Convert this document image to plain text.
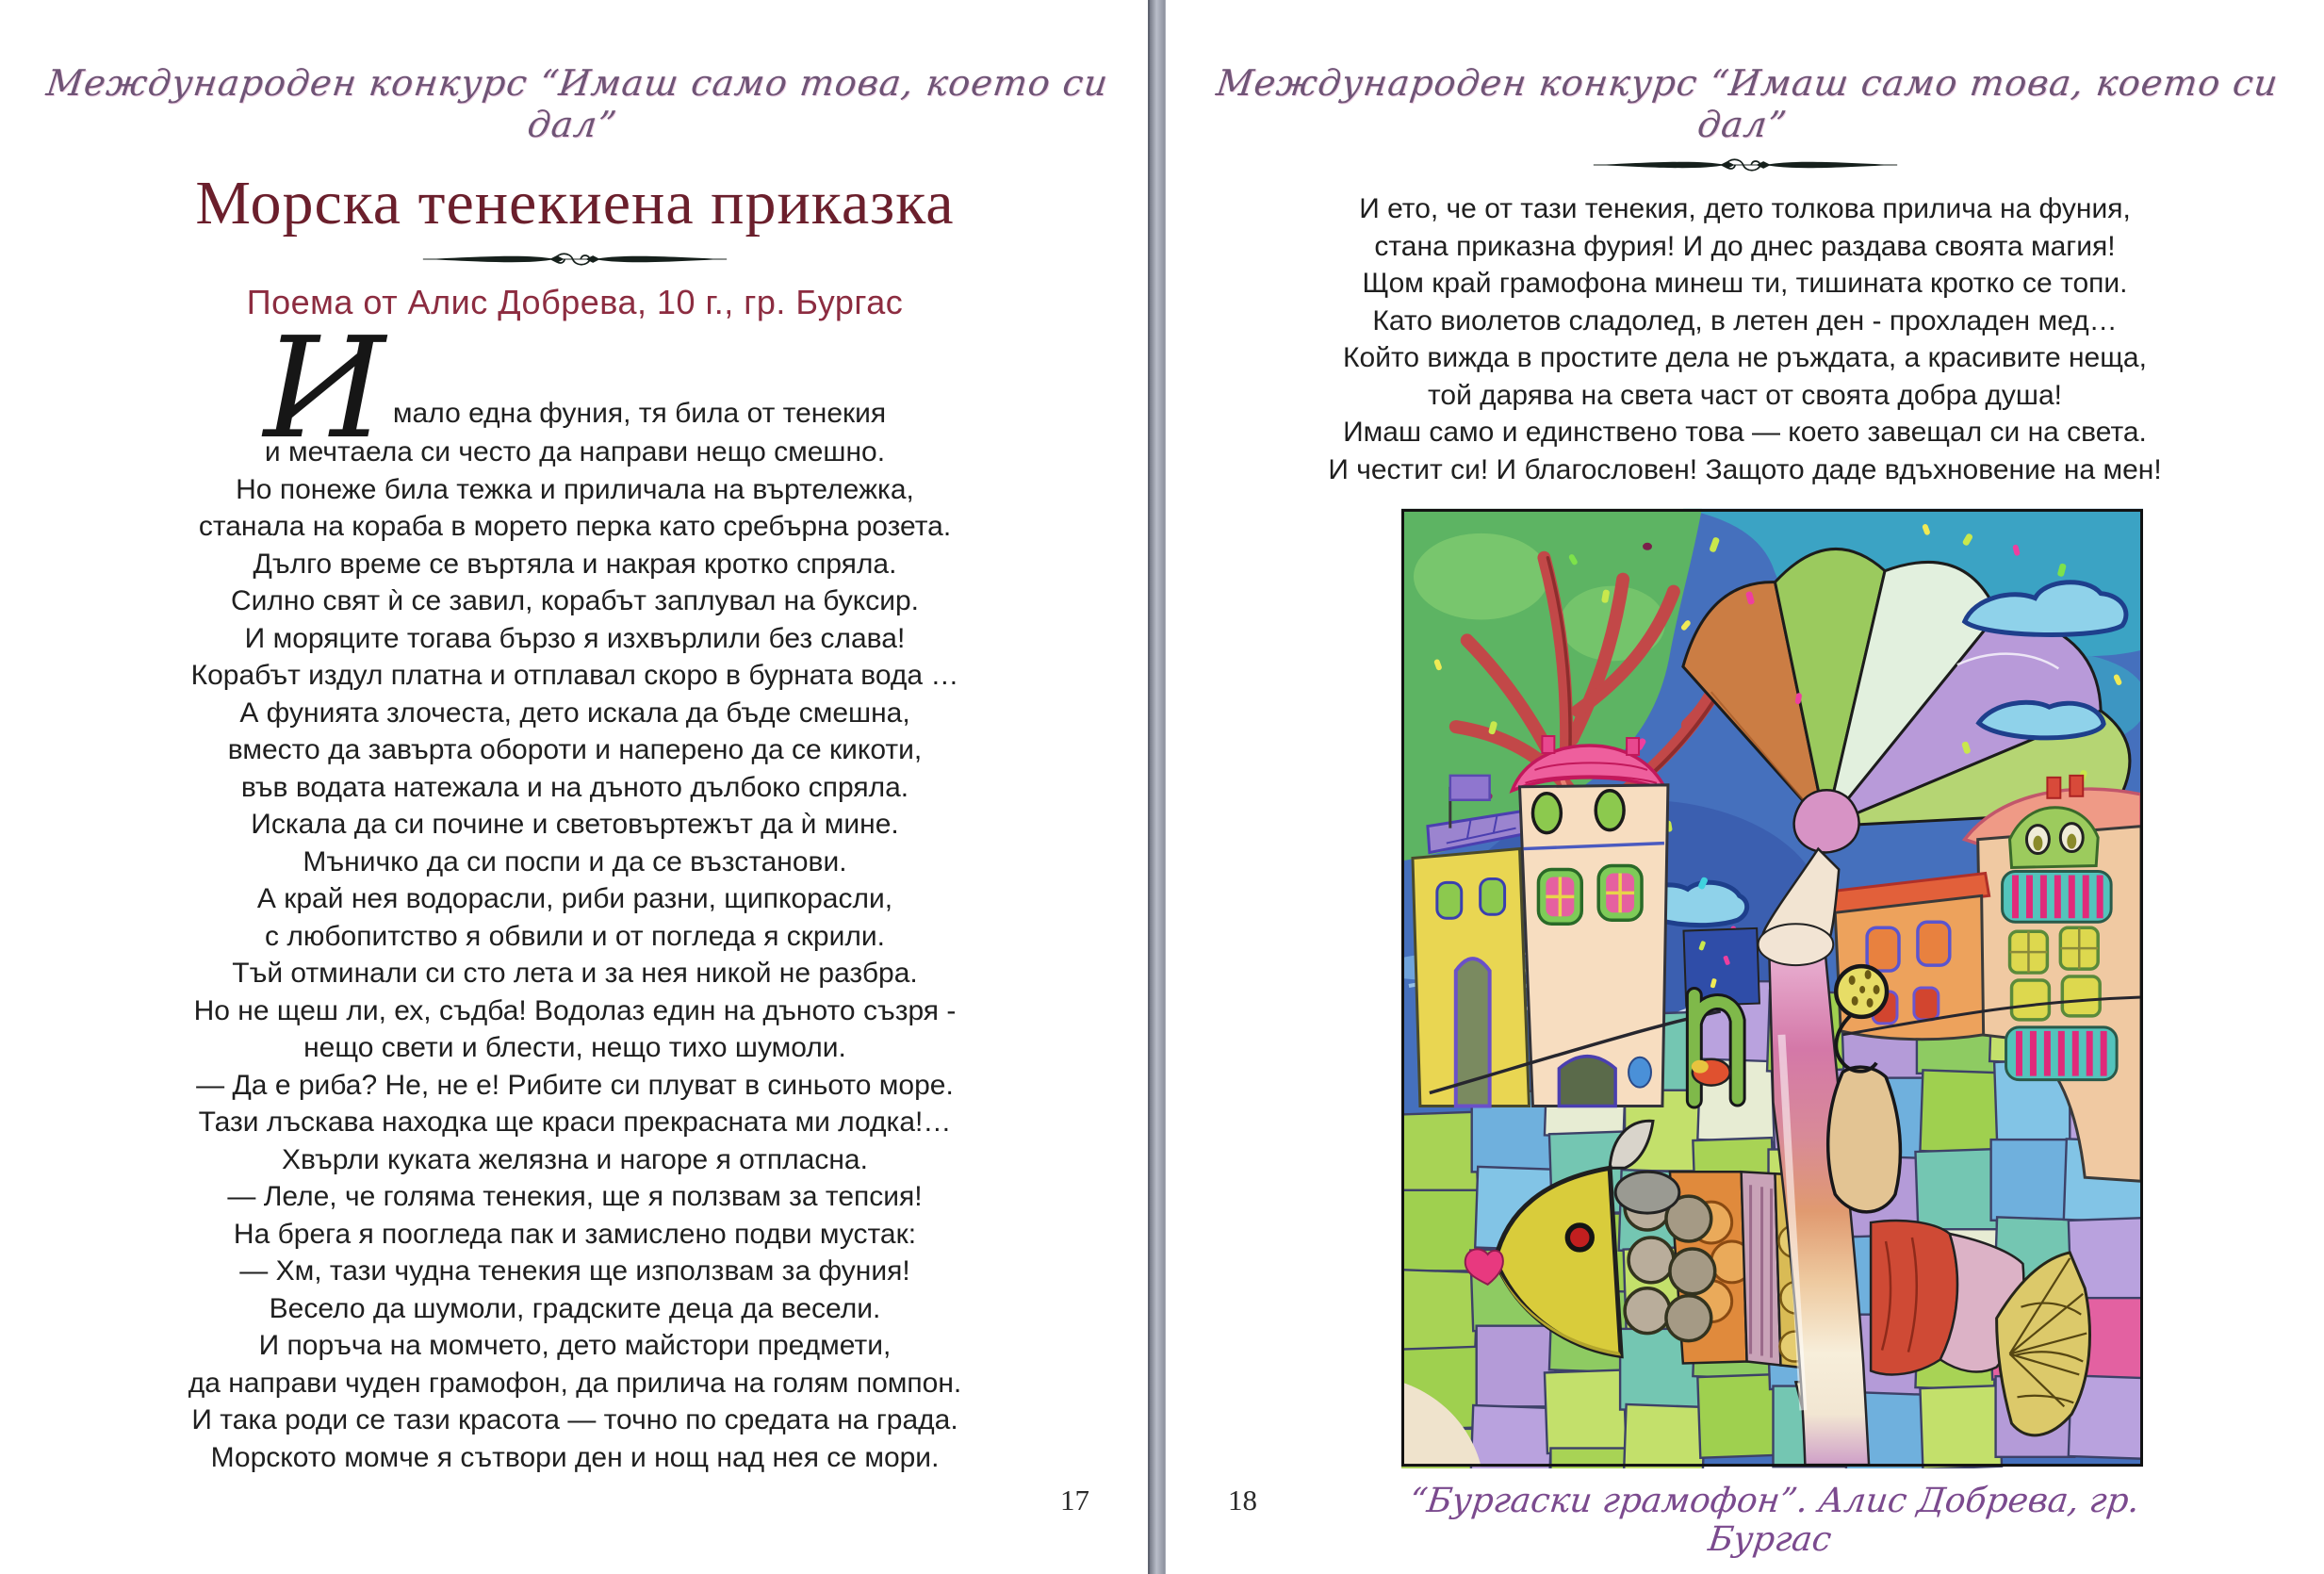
Международен конкурс “Имаш само това, което си дал”
Морска тенекиена приказка
Поема от Алис Добрева, 10 г., гр. Бургас
И мало една фуния, тя била от тенекия
и мечтаела си често да направи нещо смешно.
Но понеже била тежка и приличала на въртележка,
станала на кораба в морето перка като сребърна розета.
Дълго време се въртяла и накрая кротко спряла.
Силно свят ѝ се завил, корабът заплувал на буксир.
И моряците тогава бързо я изхвърлили без слава!
Корабът издул платна и отплавал скоро в бурната вода …
А фунията злочеста, дето искала да бъде смешна,
вместо да завърта обороти и наперено да се кикоти,
във водата натежала и на дъното дълбоко спряла.
Искала да си почине и световъртежът да ѝ мине.
Мъничко да си поспи и да се възстанови.
А край нея водорасли, риби разни, щипкорасли,
с любопитство я обвили и от погледа я скрили.
Тъй отминали си сто лета и за нея никой не разбра.
Но не щеш ли, ех, съдба! Водолаз един на дъното съзря -
нещо свети и блести, нещо тихо шумоли.
— Да е риба? Не, не е! Рибите си плуват в синьото море.
Тази лъскава находка ще краси прекрасната ми лодка!…
Хвърли куката желязна и нагоре я отпласна.
— Леле, че голяма тенекия, ще я ползвам за тепсия!
На брега я поогледа пак и замислено подви мустак:
— Хм, тази чудна тенекия ще използвам за фуния!
Весело да шумоли, градските деца да весели.
И поръча на момчето, дето майстори предмети,
да направи чуден грамофон, да прилича на голям помпон.
И така роди се тази красота — точно по средата на града.
Морското момче я сътвори ден и нощ над нея се мори.
17
Международен конкурс “Имаш само това, което си дал”
И ето, че от тази тенекия, дето толкова прилича на фуния,
стана приказна фурия! И до днес раздава своята магия!
Щом край грамофона минеш ти, тишината кротко се топи.
Като виолетов сладолед, в летен ден - прохладен мед…
Който вижда в простите дела не ръждата, а красивите неща,
той дарява на света част от своята добра душа!
Имаш само и единствено това — което завещал си на света.
И честит си! И благословен! Защото даде вдъхновение на мен!
“Бургаски грамофон”. Алис Добрева, гр. Бургас
18
